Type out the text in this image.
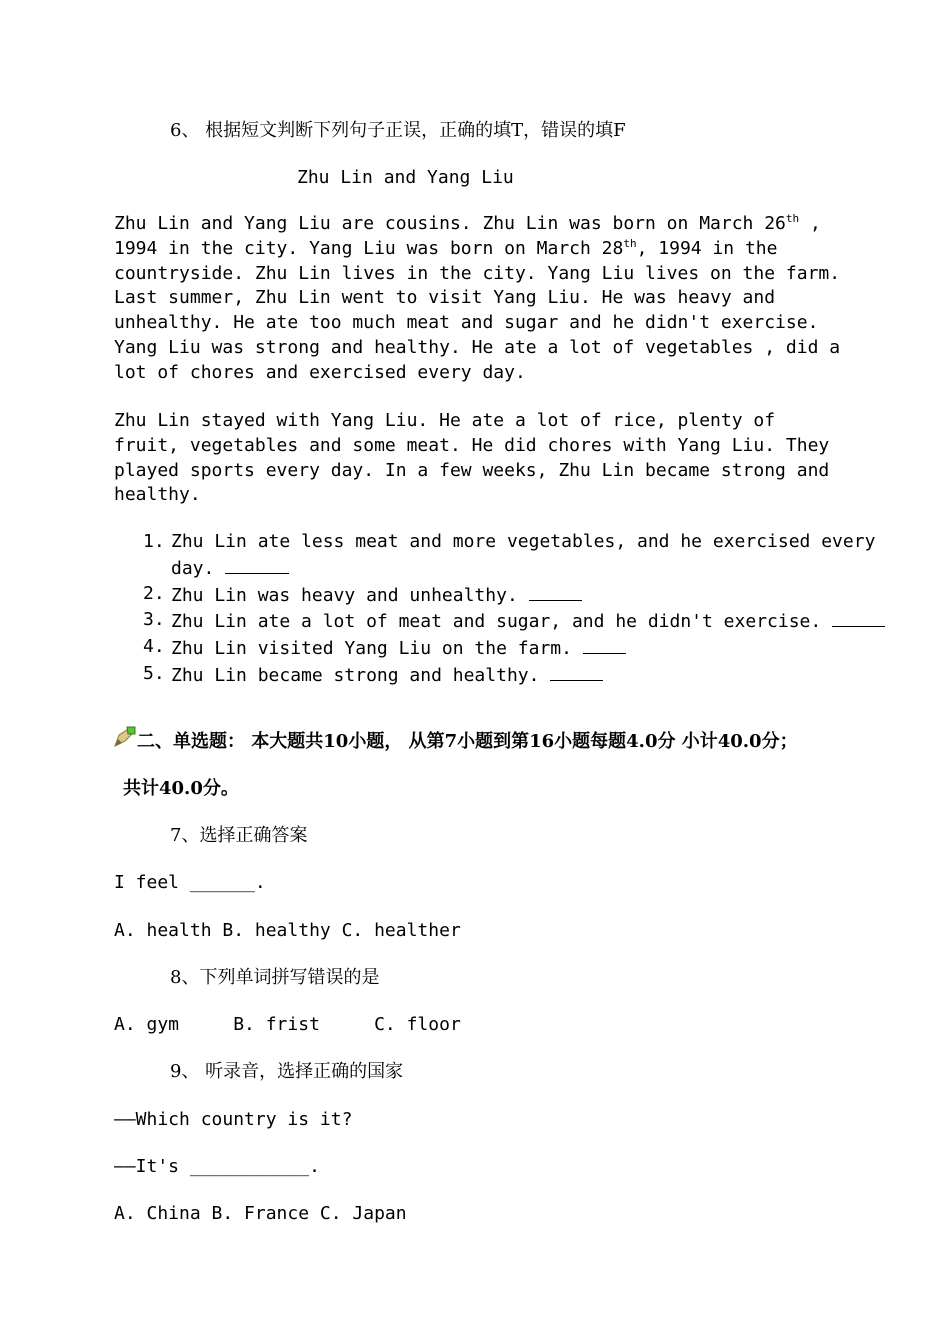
6、 根据短文判断下列句子正误，正确的填T，错误的填F
Zhu Lin and Yang Liu

Zhu Lin and Yang Liu are cousins. Zhu Lin was born on March 26th , 1994 in the city. Yang Liu was born on March 28th, 1994 in the countryside. Zhu Lin lives in the city. Yang Liu lives on the farm. Last summer, Zhu Lin went to visit Yang Liu. He was heavy and unhealthy. He ate too much meat and sugar and he didn't exercise. Yang Liu was strong and healthy. He ate a lot of vegetables , did a lot of chores and exercised every day.

Zhu Lin stayed with Yang Liu. He ate a lot of rice, plenty of fruit, vegetables and some meat. He did chores with Yang Liu. They played sports every day. In a few weeks, Zhu Lin became strong and healthy.

1. Zhu Lin ate less meat and more vegetables, and he exercised every day.
2. Zhu Lin was heavy and unhealthy.
3. Zhu Lin ate a lot of meat and sugar, and he didn't exercise.
4. Zhu Lin visited Yang Liu on the farm.
5. Zhu Lin became strong and healthy.
二、单选题： 本大题共10小题， 从第7小题到第16小题每题4.0分 小计40.0分；
共计40.0分。
7、选择正确答案
I feel ______.
A. health B. healthy C. healther
8、下列单词拼写错误的是
A. gym     B. frist     C. floor
9、 听录音，选择正确的国家
——Which country is it?
——It's ___________.
A. China B. France C. Japan
